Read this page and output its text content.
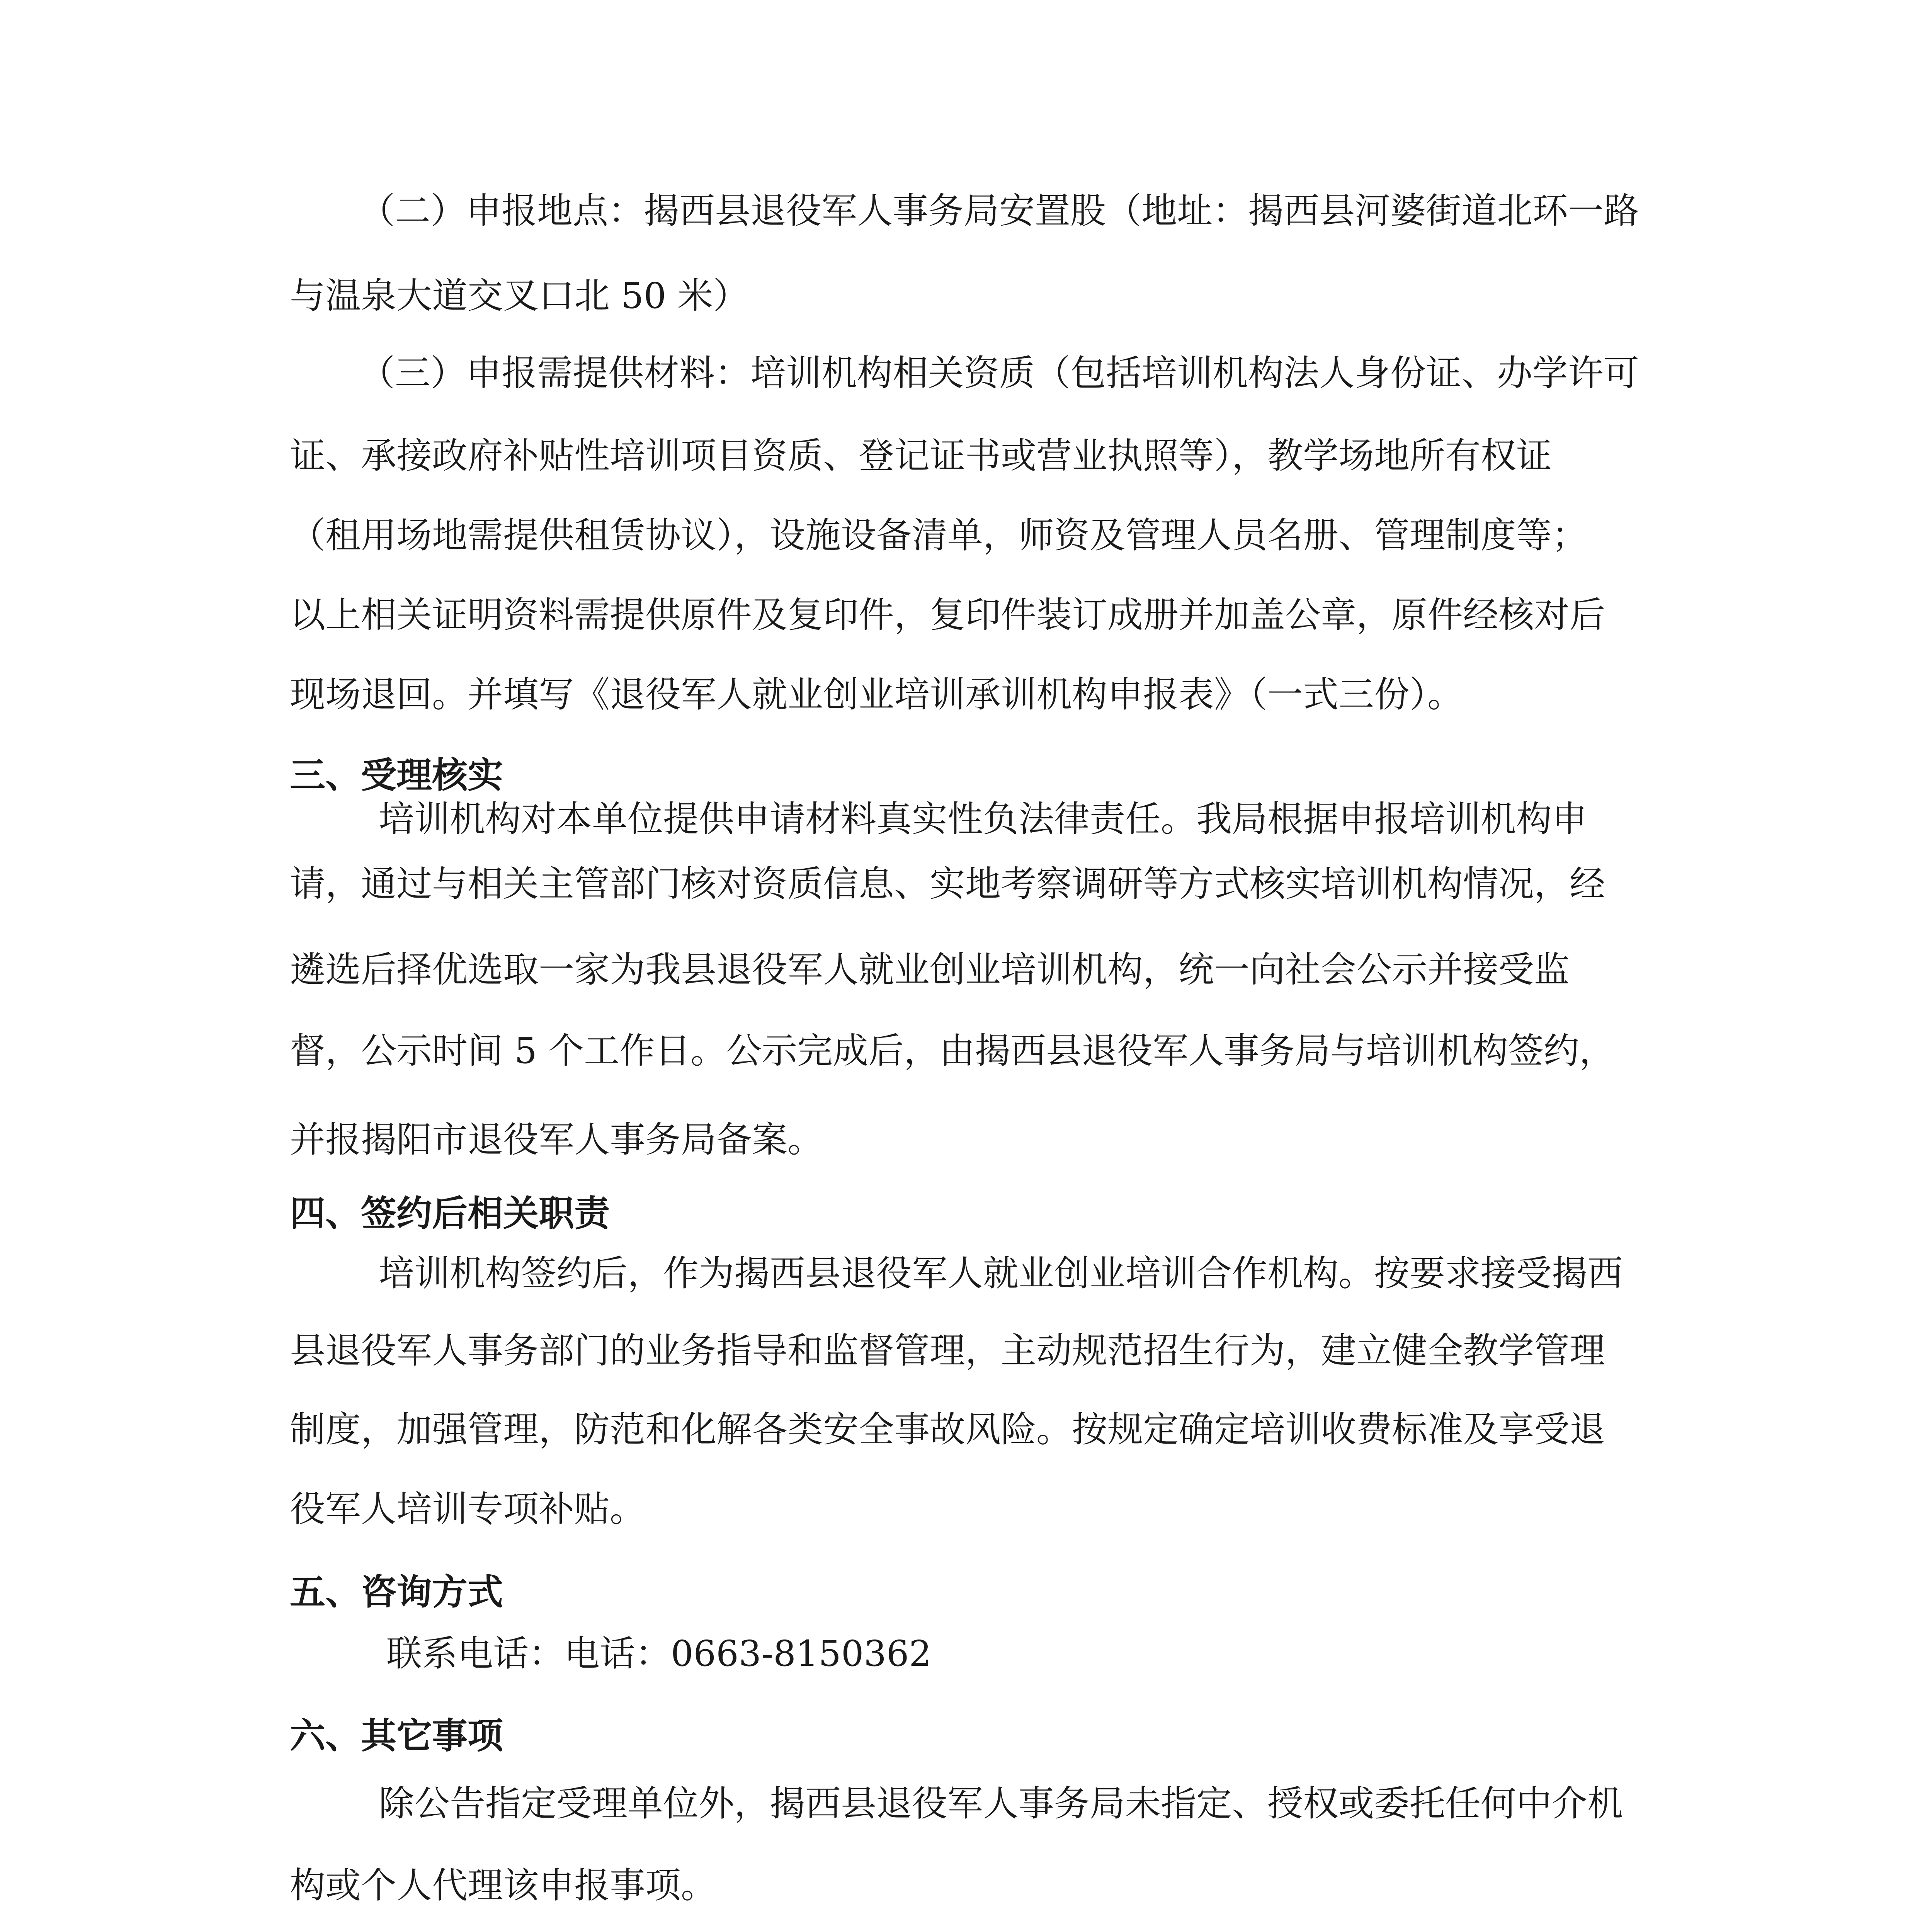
（二）申报地点：揭西县退役军人事务局安置股（地址：揭西县河婆街道北环一路
与温泉大道交叉口北 50 米）
（三）申报需提供材料：培训机构相关资质（包括培训机构法人身份证、办学许可
证、承接政府补贴性培训项目资质、登记证书或营业执照等），教学场地所有权证
（租用场地需提供租赁协议），设施设备清单，师资及管理人员名册、管理制度等；
以上相关证明资料需提供原件及复印件，复印件装订成册并加盖公章，原件经核对后
现场退回。并填写《退役军人就业创业培训承训机构申报表》（一式三份）。
三、受理核实
培训机构对本单位提供申请材料真实性负法律责任。我局根据申报培训机构申
请，通过与相关主管部门核对资质信息、实地考察调研等方式核实培训机构情况，经
遴选后择优选取一家为我县退役军人就业创业培训机构，统一向社会公示并接受监
督，公示时间 5 个工作日。公示完成后，由揭西县退役军人事务局与培训机构签约，
并报揭阳市退役军人事务局备案。
四、签约后相关职责
培训机构签约后，作为揭西县退役军人就业创业培训合作机构。按要求接受揭西
县退役军人事务部门的业务指导和监督管理，主动规范招生行为，建立健全教学管理
制度，加强管理，防范和化解各类安全事故风险。按规定确定培训收费标准及享受退
役军人培训专项补贴。
五、咨询方式
联系电话：电话：0663-8150362
六、其它事项
除公告指定受理单位外，揭西县退役军人事务局未指定、授权或委托任何中介机
构或个人代理该申报事项。
